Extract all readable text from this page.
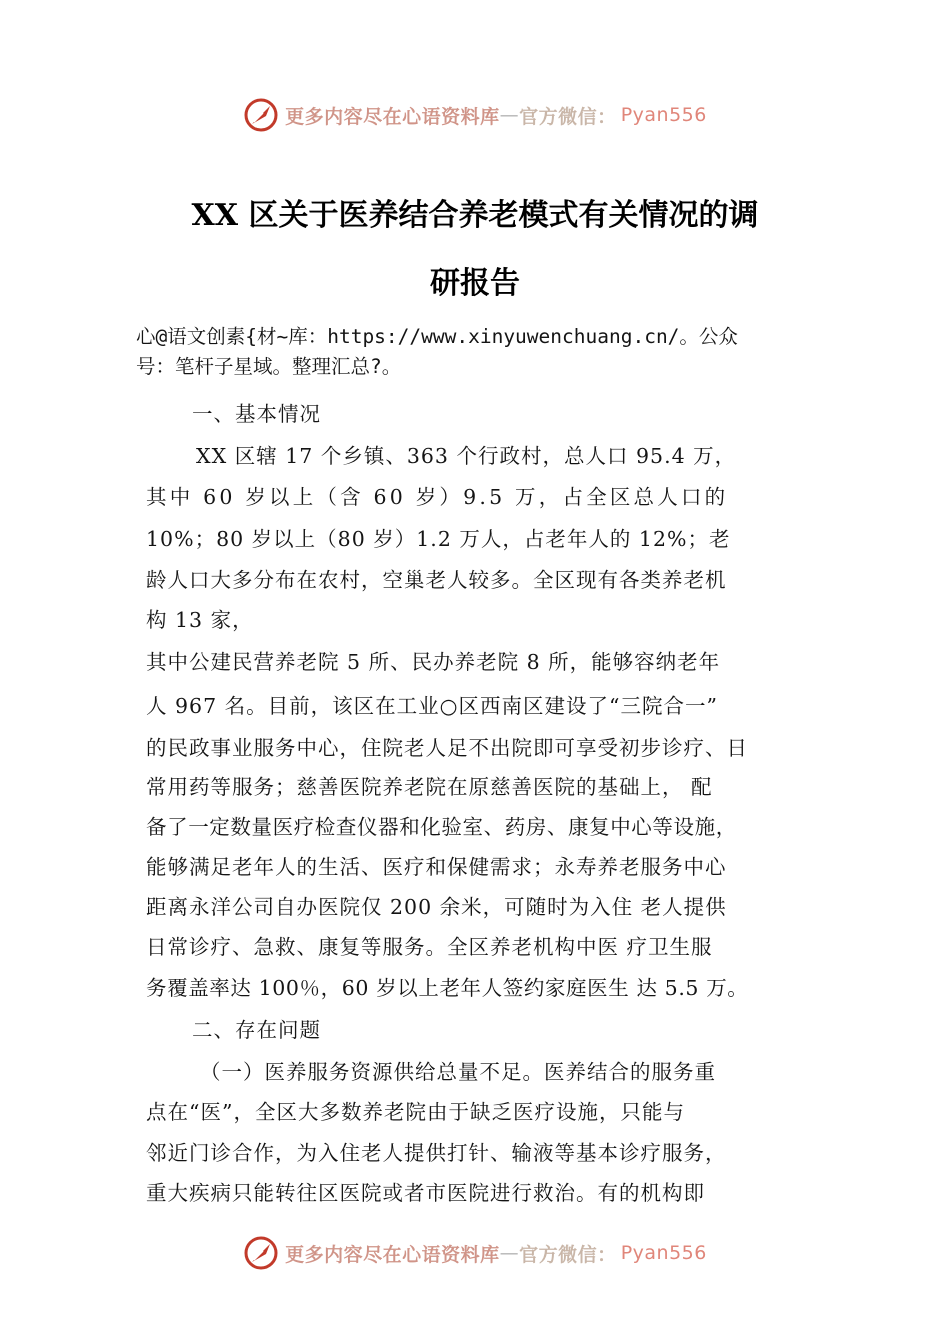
更多内容尽在心语资料库 — 官方微信： Pyan556
XX 区关于医养结合养老模式有关情况的调
研报告
心@语文创素{材~库：https://www.xinyuwenchuang.cn/。公众
号：笔杆子星域。整理汇总?。
一、基本情况
XX 区辖 17 个乡镇、363 个行政村，总人口 95.4 万，
其中 60 岁以上（含 60 岁）9.5 万，占全区总人口的
10%；80 岁以上（80 岁）1.2 万人，占老年人的 12%；老
龄人口大多分布在农村，空巢老人较多。全区现有各类养老机
构 13 家，
其中公建民营养老院 5 所、民办养老院 8 所，能够容纳老年
人 967 名。目前，该区在工业○区西南区建设了“三院合一”
的民政事业服务中心，住院老人足不出院即可享受初步诊疗、日
常用药等服务；慈善医院养老院在原慈善医院的基础上， 配
备了一定数量医疗检查仪器和化验室、药房、康复中心等设施，
能够满足老年人的生活、医疗和保健需求；永寿养老服务中心
距离永洋公司自办医院仅 200 余米，可随时为入住 老人提供
日常诊疗、急救、康复等服务。全区养老机构中医 疗卫生服
务覆盖率达 100％，60 岁以上老年人签约家庭医生 达 5.5 万。
二、存在问题
（一）医养服务资源供给总量不足。医养结合的服务重
点在“医”，全区大多数养老院由于缺乏医疗设施，只能与
邻近门诊合作，为入住老人提供打针、输液等基本诊疗服务，
重大疾病只能转往区医院或者市医院进行救治。有的机构即
更多内容尽在心语资料库 — 官方微信： Pyan556
